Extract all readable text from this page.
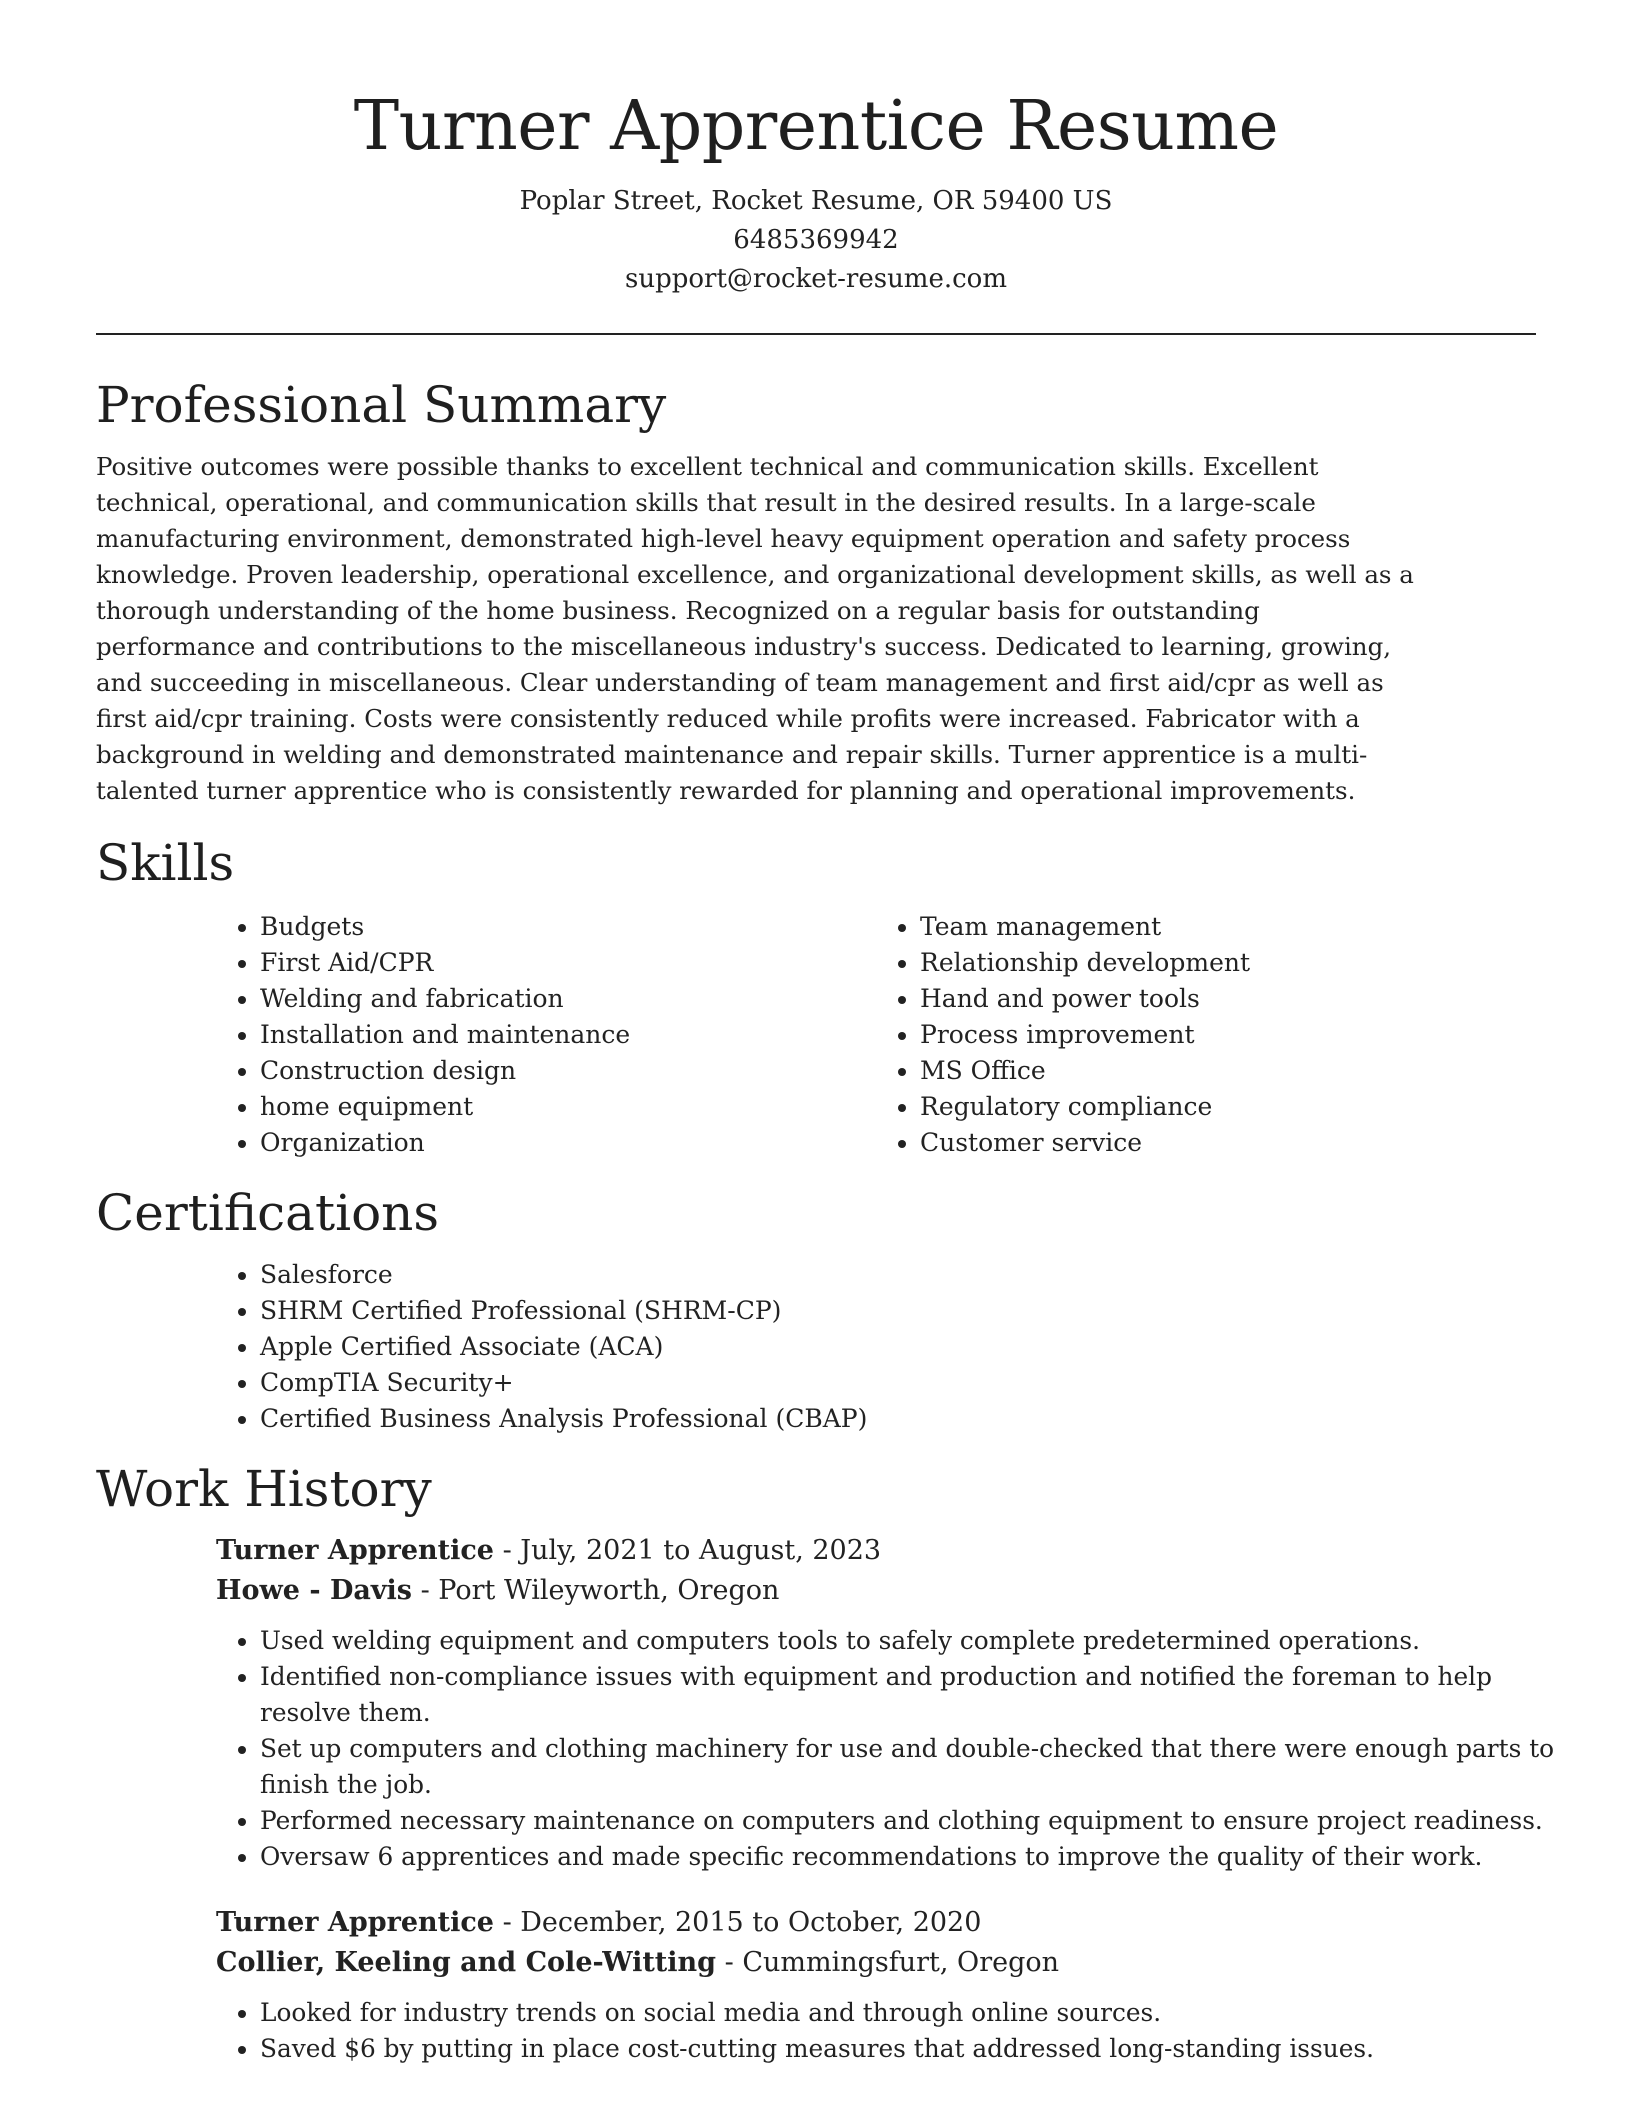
Turner Apprentice Resume

Poplar Street, Rocket Resume, OR 59400 US

6485369942

support@rocket-resume.com

Professional Summary

Positive outcomes were possible thanks to excellent technical and communication skills. Excellent technical, operational, and communication skills that result in the desired results. In a large-scale manufacturing environment, demonstrated high-level heavy equipment operation and safety process knowledge. Proven leadership, operational excellence, and organizational development skills, as well as a thorough understanding of the home business. Recognized on a regular basis for outstanding performance and contributions to the miscellaneous industry's success. Dedicated to learning, growing, and succeeding in miscellaneous. Clear understanding of team management and first aid/cpr as well as first aid/cpr training. Costs were consistently reduced while profits were increased. Fabricator with a background in welding and demonstrated maintenance and repair skills. Turner apprentice is a multi-talented turner apprentice who is consistently rewarded for planning and operational improvements.

Skills
• Budgets
• First Aid/CPR
• Welding and fabrication
• Installation and maintenance
• Construction design
• home equipment
• Organization
• Team management
• Relationship development
• Hand and power tools
• Process improvement
• MS Office
• Regulatory compliance
• Customer service
Certifications
• Salesforce
• SHRM Certified Professional (SHRM-CP)
• Apple Certified Associate (ACA)
• CompTIA Security+
• Certified Business Analysis Professional (CBAP)
Work History

Turner Apprentice - July, 2021 to August, 2023

Howe - Davis - Port Wileyworth, Oregon

• Used welding equipment and computers tools to safely complete predetermined operations.
• Identified non-compliance issues with equipment and production and notified the foreman to help resolve them.
• Set up computers and clothing machinery for use and double-checked that there were enough parts to finish the job.
• Performed necessary maintenance on computers and clothing equipment to ensure project readiness.
• Oversaw 6 apprentices and made specific recommendations to improve the quality of their work.

Turner Apprentice - December, 2015 to October, 2020

Collier, Keeling and Cole-Witting - Cummingsfurt, Oregon

• Looked for industry trends on social media and through online sources.
• Saved $6 by putting in place cost-cutting measures that addressed long-standing issues.
